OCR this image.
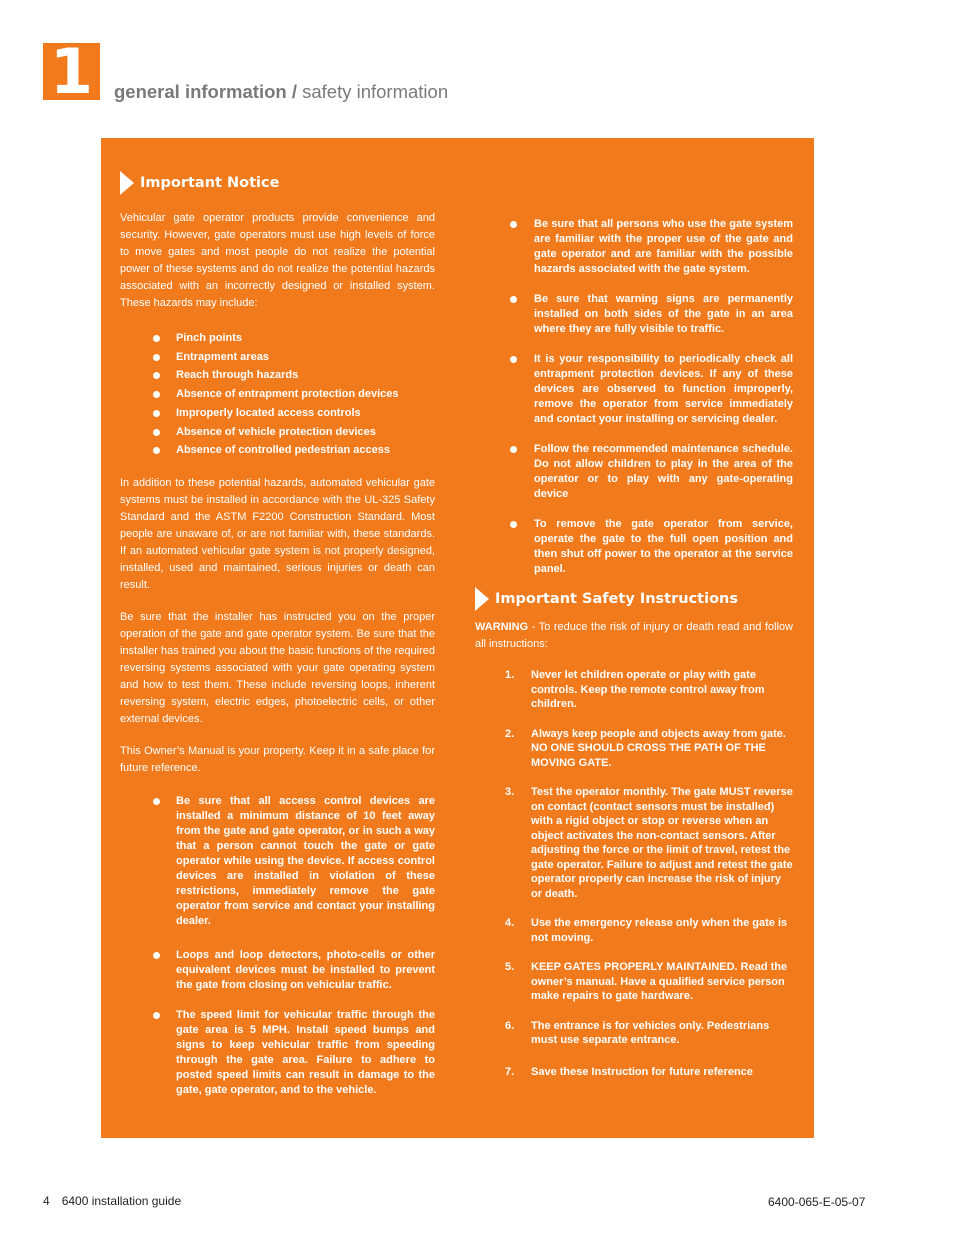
1	general information / safety information
Important Notice

Vehicular gate operator products provide convenience and security. However, gate operators must use high levels of force to move gates and most people do not realize the potential power of these systems and do not realize the potential hazards associated with an incorrectly designed or installed system. These hazards may include:

Pinch points
Entrapment areas
Reach through hazards
Absence of entrapment protection devices
Improperly located access controls
Absence of vehicle protection devices
Absence of controlled pedestrian access

In addition to these potential hazards, automated vehicular gate systems must be installed in accordance with the UL-325 Safety Standard and the ASTM F2200 Construction Standard. Most people are unaware of, or are not familiar with, these standards. If an automated vehicular gate system is not properly designed, installed, used and maintained, serious injuries or death can result.

Be sure that the installer has instructed you on the proper operation of the gate and gate operator system. Be sure that the installer has trained you about the basic functions of the required reversing systems associated with your gate operating system and how to test them. These include reversing loops, inherent reversing system, electric edges, photoelectric cells, or other external devices.

This Owner’s Manual is your property. Keep it in a safe place for future reference.

Be sure that all access control devices are installed a minimum distance of 10 feet away from the gate and gate operator, or in such a way that a person cannot touch the gate or gate operator while using the device. If access control devices are installed in violation of these restrictions, immediately remove the gate operator from service and contact your installing dealer.
Loops and loop detectors, photo-cells or other equivalent devices must be installed to prevent the gate from closing on vehicular traffic.
The speed limit for vehicular traffic through the gate area is 5 MPH. Install speed bumps and signs to keep vehicular traffic from speeding through the gate area. Failure to adhere to posted speed limits can result in damage to the gate, gate operator, and to the vehicle.
Be sure that all persons who use the gate system are familiar with the proper use of the gate and gate operator and are familiar with the possible hazards associated with the gate system.
Be sure that warning signs are permanently installed on both sides of the gate in an area where they are fully visible to traffic.
It is your responsibility to periodically check all entrapment protection devices. If any of these devices are observed to function improperly, remove the operator from service immediately and contact your installing or servicing dealer.
Follow the recommended maintenance schedule. Do not allow children to play in the area of the operator or to play with any gate-operating device
To remove the gate operator from service, operate the gate to the full open position and then shut off power to the operator at the service panel.
Important Safety Instructions

WARNING - To reduce the risk of injury or death read and follow all instructions:

1. Never let children operate or play with gate controls. Keep the remote control away from children.
2. Always keep people and objects away from gate. NO ONE SHOULD CROSS THE PATH OF THE MOVING GATE.
3. Test the operator monthly. The gate MUST reverse on contact (contact sensors must be installed) with a rigid object or stop or reverse when an object activates the non-contact sensors. After adjusting the force or the limit of travel, retest the gate operator. Failure to adjust and retest the gate operator properly can increase the risk of injury or death.
4. Use the emergency release only when the gate is not moving.
5. KEEP GATES PROPERLY MAINTAINED. Read the owner’s manual. Have a qualified service person make repairs to gate hardware.
6. The entrance is for vehicles only. Pedestrians must use separate entrance.
7. Save these Instruction for future reference
4 6400 installation guide	6400-065-E-05-07
